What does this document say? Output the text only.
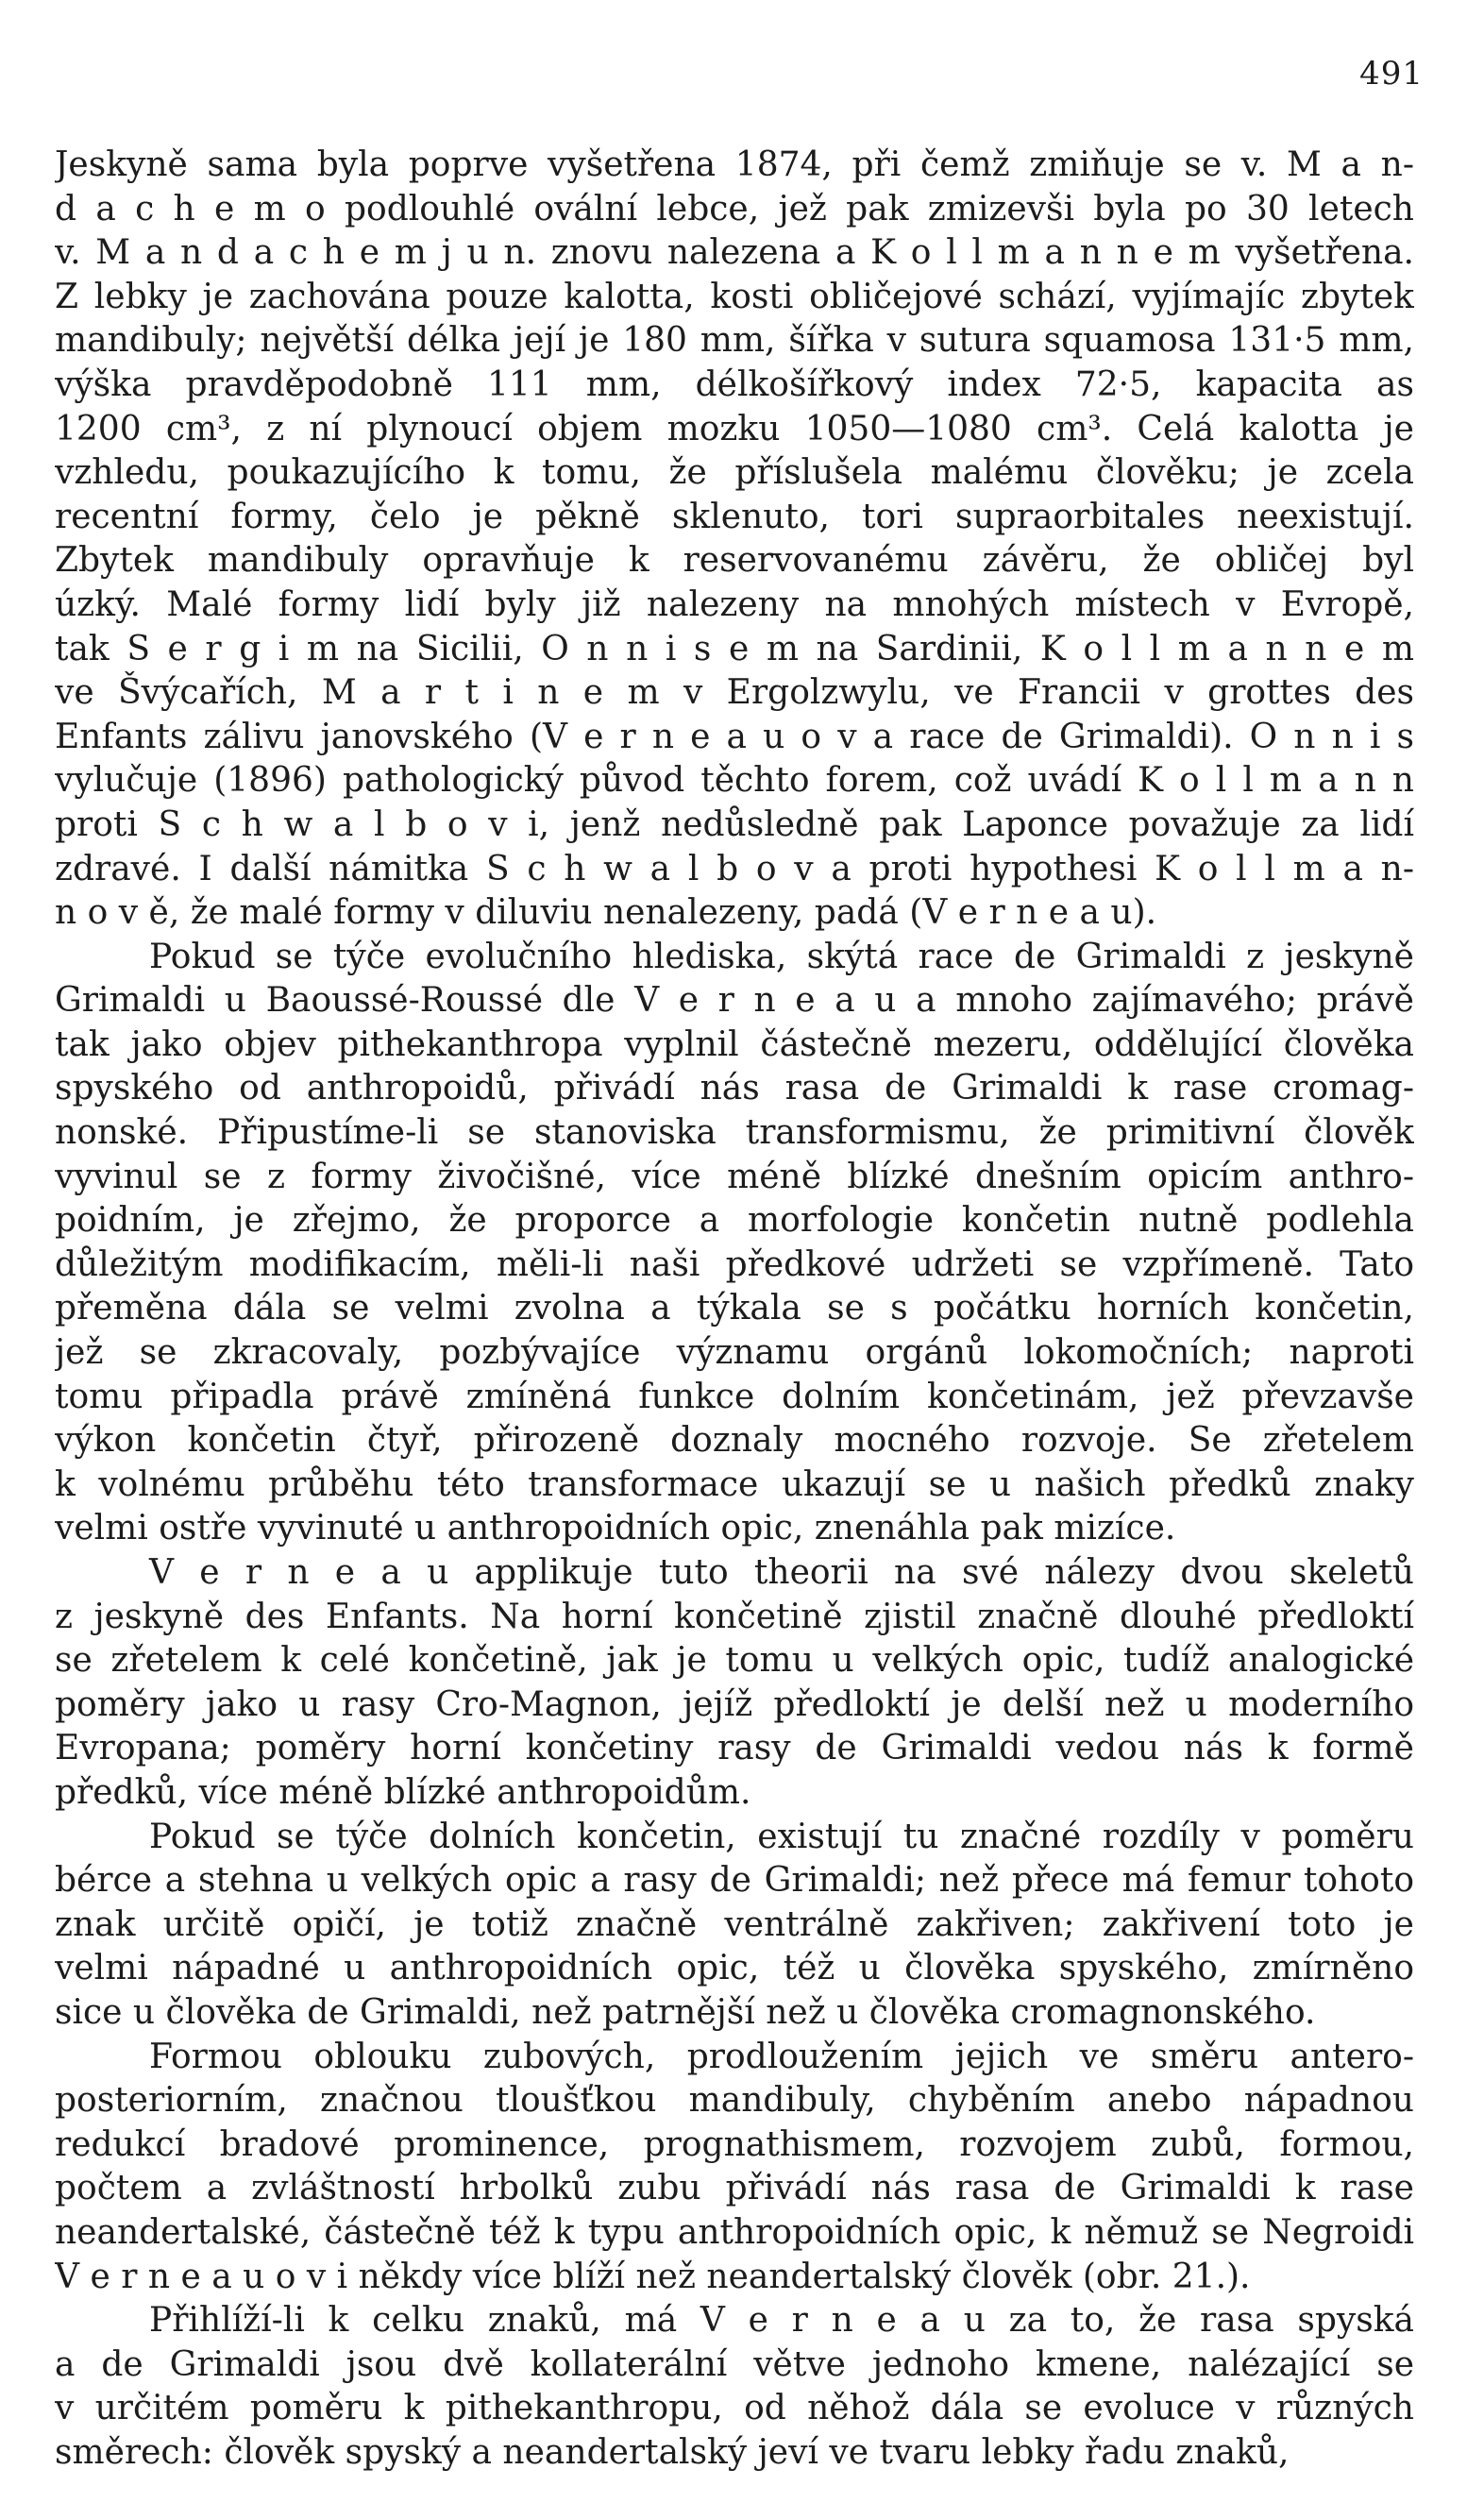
491
Jeskyně sama byla poprve vyšetřena 1874, při čemž zmiňuje se v. M a n-
d a c h e m o podlouhlé ovální lebce, jež pak zmizevši byla po 30 letech
v. M a n d a c h e m j u n. znovu nalezena a K o l l m a n n e m vyšetřena.
Z lebky je zachována pouze kalotta, kosti obličejové schází, vyjímajíc zbytek
mandibuly; největší délka její je 180 mm, šířka v sutura squamosa 131·5 mm,
výška pravděpodobně 111 mm, délkošířkový index 72·5, kapacita as
1200 cm³, z ní plynoucí objem mozku 1050—1080 cm³. Celá kalotta je
vzhledu, poukazujícího k tomu, že příslušela malému člověku; je zcela
recentní formy, čelo je pěkně sklenuto, tori supraorbitales neexistují.
Zbytek mandibuly opravňuje k reservovanému závěru, že obličej byl
úzký. Malé formy lidí byly již nalezeny na mnohých místech v Evropě,
tak S e r g i m na Sicilii, O n n i s e m na Sardinii, K o l l m a n n e m
ve Švýcařích, M a r t i n e m v Ergolzwylu, ve Francii v grottes des
Enfants zálivu janovského (V e r n e a u o v a race de Grimaldi). O n n i s
vylučuje (1896) pathologický původ těchto forem, což uvádí K o l l m a n n
proti S c h w a l b o v i, jenž nedůsledně pak Laponce považuje za lidí
zdravé. I další námitka S c h w a l b o v a proti hypothesi K o l l m a n-
n o v ě, že malé formy v diluviu nenalezeny, padá (V e r n e a u).
Pokud se týče evolučního hlediska, skýtá race de Grimaldi z jeskyně
Grimaldi u Baoussé-Roussé dle V e r n e a u a mnoho zajímavého; právě
tak jako objev pithekanthropa vyplnil částečně mezeru, oddělující člověka
spyského od anthropoidů, přivádí nás rasa de Grimaldi k rase cromag-
nonské. Připustíme-li se stanoviska transformismu, že primitivní člověk
vyvinul se z formy živočišné, více méně blízké dnešním opicím anthro-
poidním, je zřejmo, že proporce a morfologie končetin nutně podlehla
důležitým modifikacím, měli-li naši předkové udržeti se vzpřímeně. Tato
přeměna dála se velmi zvolna a týkala se s počátku horních končetin,
jež se zkracovaly, pozbývajíce významu orgánů lokomočních; naproti
tomu připadla právě zmíněná funkce dolním končetinám, jež převzavše
výkon končetin čtyř, přirozeně doznaly mocného rozvoje. Se zřetelem
k volnému průběhu této transformace ukazují se u našich předků znaky
velmi ostře vyvinuté u anthropoidních opic, znenáhla pak mizíce.
V e r n e a u applikuje tuto theorii na své nálezy dvou skeletů
z jeskyně des Enfants. Na horní končetině zjistil značně dlouhé předloktí
se zřetelem k celé končetině, jak je tomu u velkých opic, tudíž analogické
poměry jako u rasy Cro-Magnon, jejíž předloktí je delší než u moderního
Evropana; poměry horní končetiny rasy de Grimaldi vedou nás k formě
předků, více méně blízké anthropoidům.
Pokud se týče dolních končetin, existují tu značné rozdíly v poměru
bérce a stehna u velkých opic a rasy de Grimaldi; než přece má femur tohoto
znak určitě opičí, je totiž značně ventrálně zakřiven; zakřivení toto je
velmi nápadné u anthropoidních opic, též u člověka spyského, zmírněno
sice u člověka de Grimaldi, než patrnější než u člověka cromagnonského.
Formou oblouku zubových, prodloužením jejich ve směru antero-
posteriorním, značnou tloušťkou mandibuly, chyběním anebo nápadnou
redukcí bradové prominence, prognathismem, rozvojem zubů, formou,
počtem a zvláštností hrbolků zubu přivádí nás rasa de Grimaldi k rase
neandertalské, částečně též k typu anthropoidních opic, k němuž se Negroidi
V e r n e a u o v i někdy více blíží než neandertalský člověk (obr. 21.).
Přihlíží-li k celku znaků, má V e r n e a u za to, že rasa spyská
a de Grimaldi jsou dvě kollaterální větve jednoho kmene, nalézající se
v určitém poměru k pithekanthropu, od něhož dála se evoluce v různých
směrech: člověk spyský a neandertalský jeví ve tvaru lebky řadu znaků,
